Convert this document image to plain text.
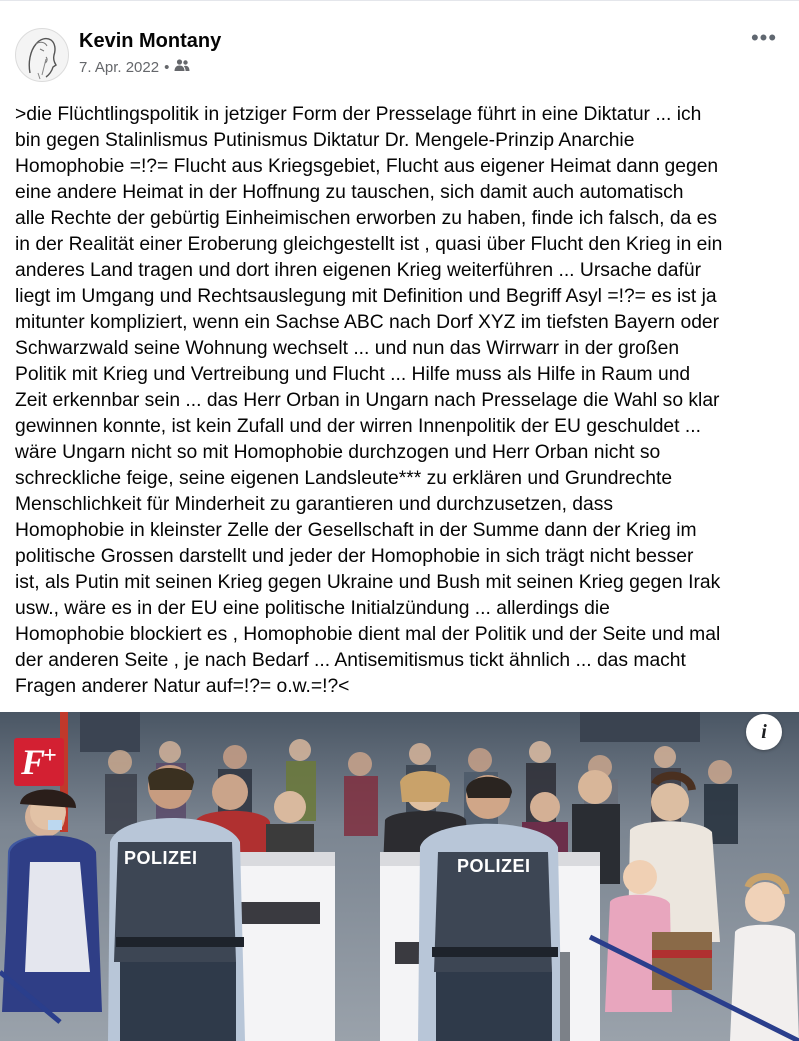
Kevin Montany
7. Apr. 2022 •
•••

>die Flüchtlingspolitik in jetziger Form der Presselage führt in eine Diktatur ... ich
bin gegen Stalinlismus Putinismus Diktatur Dr. Mengele-Prinzip Anarchie
Homophobie =!?= Flucht aus Kriegsgebiet, Flucht aus eigener Heimat dann gegen
eine andere Heimat in der Hoffnung zu tauschen, sich damit auch automatisch
alle Rechte der gebürtig Einheimischen erworben zu haben, finde ich falsch, da es
in der Realität einer Eroberung gleichgestellt ist , quasi über Flucht den Krieg in ein
anderes Land tragen und dort ihren eigenen Krieg weiterführen ... Ursache dafür
liegt im Umgang und Rechtsauslegung mit Definition und Begriff Asyl =!?= es ist ja
mitunter kompliziert, wenn ein Sachse ABC nach Dorf XYZ im tiefsten Bayern oder
Schwarzwald seine Wohnung wechselt ... und nun das Wirrwarr in der großen
Politik mit Krieg und Vertreibung und Flucht ... Hilfe muss als Hilfe in Raum und
Zeit erkennbar sein ... das Herr Orban in Ungarn nach Presselage die Wahl so klar
gewinnen konnte, ist kein Zufall und der wirren Innenpolitik der EU geschuldet ...
wäre Ungarn nicht so mit Homophobie durchzogen und Herr Orban nicht so
schreckliche feige, seine eigenen Landsleute*** zu erklären und Grundrechte
Menschlichkeit für Minderheit zu garantieren und durchzusetzen, dass
Homophobie in kleinster Zelle der Gesellschaft in der Summe dann der Krieg im
politische Grossen darstellt und jeder der Homophobie in sich trägt nicht besser
ist, als Putin mit seinen Krieg gegen Ukraine und Bush mit seinen Krieg gegen Irak
usw., wäre es in der EU eine politische Initialzündung ... allerdings die
Homophobie blockiert es , Homophobie dient mal der Politik und der Seite und mal
der anderen Seite , je nach Bedarf ... Antisemitismus tickt ähnlich ... das macht
Fragen anderer Natur auf=!?= o.w.=!?<

POLIZEI	POLIZEI
F
+
i
